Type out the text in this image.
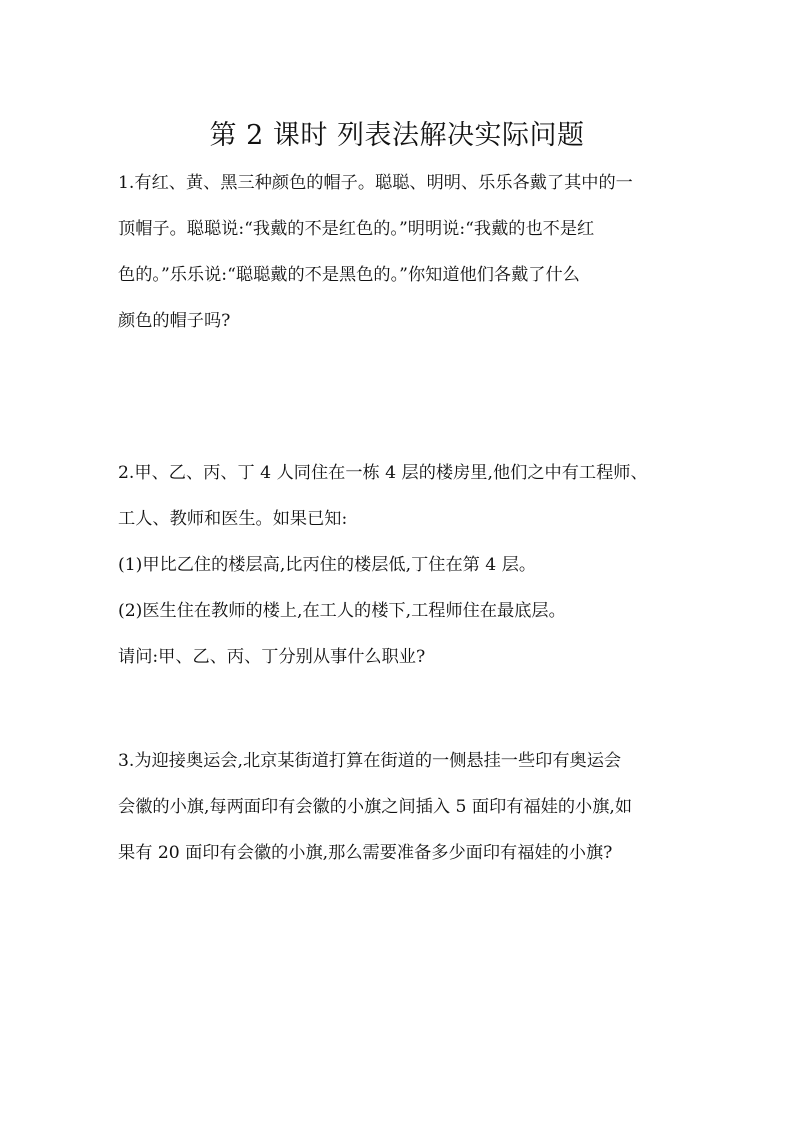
第 2 课时 列表法解决实际问题
1.有红、黄、黑三种颜色的帽子。聪聪、明明、乐乐各戴了其中的一
顶帽子。聪聪说:“我戴的不是红色的。”明明说:“我戴的也不是红
色的。”乐乐说:“聪聪戴的不是黑色的。”你知道他们各戴了什么
颜色的帽子吗?
2.甲、乙、丙、丁 4 人同住在一栋 4 层的楼房里,他们之中有工程师、
工人、教师和医生。如果已知:
(1)甲比乙住的楼层高,比丙住的楼层低,丁住在第 4 层。
(2)医生住在教师的楼上,在工人的楼下,工程师住在最底层。
请问:甲、乙、丙、丁分别从事什么职业?
3.为迎接奥运会,北京某街道打算在街道的一侧悬挂一些印有奥运会
会徽的小旗,每两面印有会徽的小旗之间插入 5 面印有福娃的小旗,如
果有 20 面印有会徽的小旗,那么需要准备多少面印有福娃的小旗?
